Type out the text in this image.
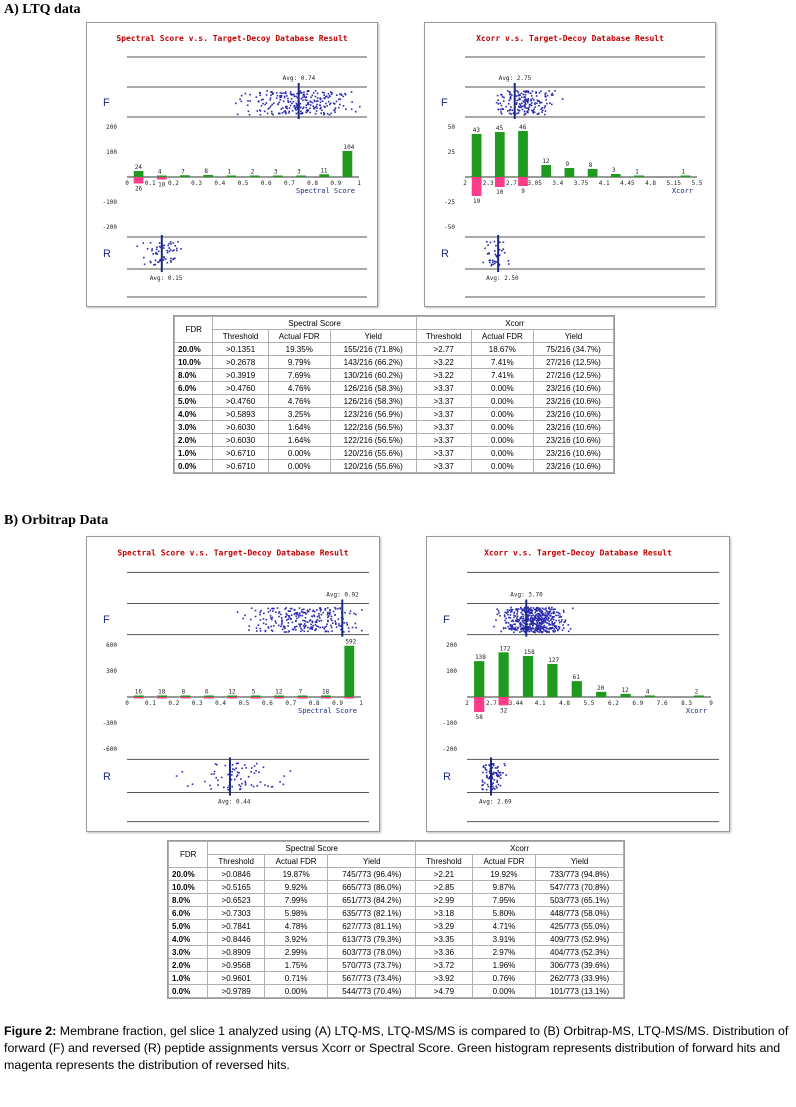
A) LTQ data
Spectral Score v.s. Target-Decoy Database Result
F
Avg: 0.74
200
100
-100
-200
0	0.1 0.2 0.3 0.4 0.5 0.6 0.7 0.8 0.9	1
Spectral Score
24
4	7	8	1	2	3	3	11
104
26
10
R
Avg: 0.15
Xcorr v.s. Target-Decoy Database Result
F
Avg: 2.75
50
25
-25
-50
2	2.3 2.7 3.05 3.4 3.75 4.1 4.45 4.8 5.15 5.5
Xcorr
43	45	46
12	9	8
3	1	1
19
10	9
R
Avg: 2.50
FDR	Spectral Score			Xcorr		
	Threshold	Actual FDR	Yield	Threshold	Actual FDR	Yield
20.0%	>0.1351	19.35%	155/216 (71.8%)	>2.77	18.67%	75/216 (34.7%)
10.0%	>0.2678	9.79%	143/216 (66.2%)	>3.22	7.41%	27/216 (12.5%)
8.0%	>0.3919	7.69%	130/216 (60.2%)	>3.22	7.41%	27/216 (12.5%)
6.0%	>0.4760	4.76%	126/216 (58.3%)	>3.37	0.00%	23/216 (10.6%)
5.0%	>0.4760	4.76%	126/216 (58.3%)	>3.37	0.00%	23/216 (10.6%)
4.0%	>0.5893	3.25%	123/216 (56.9%)	>3.37	0.00%	23/216 (10.6%)
3.0%	>0.6030	1.64%	122/216 (56.5%)	>3.37	0.00%	23/216 (10.6%)
2.0%	>0.6030	1.64%	122/216 (56.5%)	>3.37	0.00%	23/216 (10.6%)
1.0%	>0.6710	0.00%	120/216 (55.6%)	>3.37	0.00%	23/216 (10.6%)
0.0%	>0.6710	0.00%	120/216 (55.6%)	>3.37	0.00%	23/216 (10.6%)
B) Orbitrap Data
Spectral Score v.s. Target-Decoy Database Result
F
Avg: 0.92
600
300
-300
-600
0	0.1 0.2 0.3 0.4 0.5 0.6 0.7 0.8 0.9	1
Spectral Score
16	18	8	6	12	5	12	7	18
592
R
Avg: 0.44
Xcorr v.s. Target-Decoy Database Result
F
Avg: 3.70
200
100
-100
-200
2	2.7 3.44 4.1 4.8 5.5 6.2 6.9 7.6 8.3	9
Xcorr
138
172
158
127
61
20	12	4	2
58
32
R
Avg: 2.69
FDR	Spectral Score			Xcorr		
	Threshold	Actual FDR	Yield	Threshold	Actual FDR	Yield
20.0%	>0.0846	19.87%	745/773 (96.4%)	>2.21	19.92%	733/773 (94.8%)
10.0%	>0.5165	9.92%	665/773 (86.0%)	>2.85	9.87%	547/773 (70.8%)
8.0%	>0.6523	7.99%	651/773 (84.2%)	>2.99	7.95%	503/773 (65.1%)
6.0%	>0.7303	5.98%	635/773 (82.1%)	>3.18	5.80%	448/773 (58.0%)
5.0%	>0.7841	4.78%	627/773 (81.1%)	>3.29	4.71%	425/773 (55.0%)
4.0%	>0.8446	3.92%	613/773 (79.3%)	>3.35	3.91%	409/773 (52.9%)
3.0%	>0.8909	2.99%	603/773 (78.0%)	>3.36	2.97%	404/773 (52.3%)
2.0%	>0.9568	1.75%	570/773 (73.7%)	>3.72	1.96%	306/773 (39.6%)
1.0%	>0.9601	0.71%	567/773 (73.4%)	>3.92	0.76%	262/773 (33.9%)
0.0%	>0.9789	0.00%	544/773 (70.4%)	>4.79	0.00%	101/773 (13.1%)
Figure 2: Membrane fraction, gel slice 1 analyzed using (A) LTQ-MS, LTQ-MS/MS is compared to (B) Orbitrap-MS, LTQ-MS/MS. Distribution of forward (F) and reversed (R) peptide assignments versus Xcorr or Spectral Score. Green histogram represents distribution of forward hits and magenta represents the distribution of reversed hits.
